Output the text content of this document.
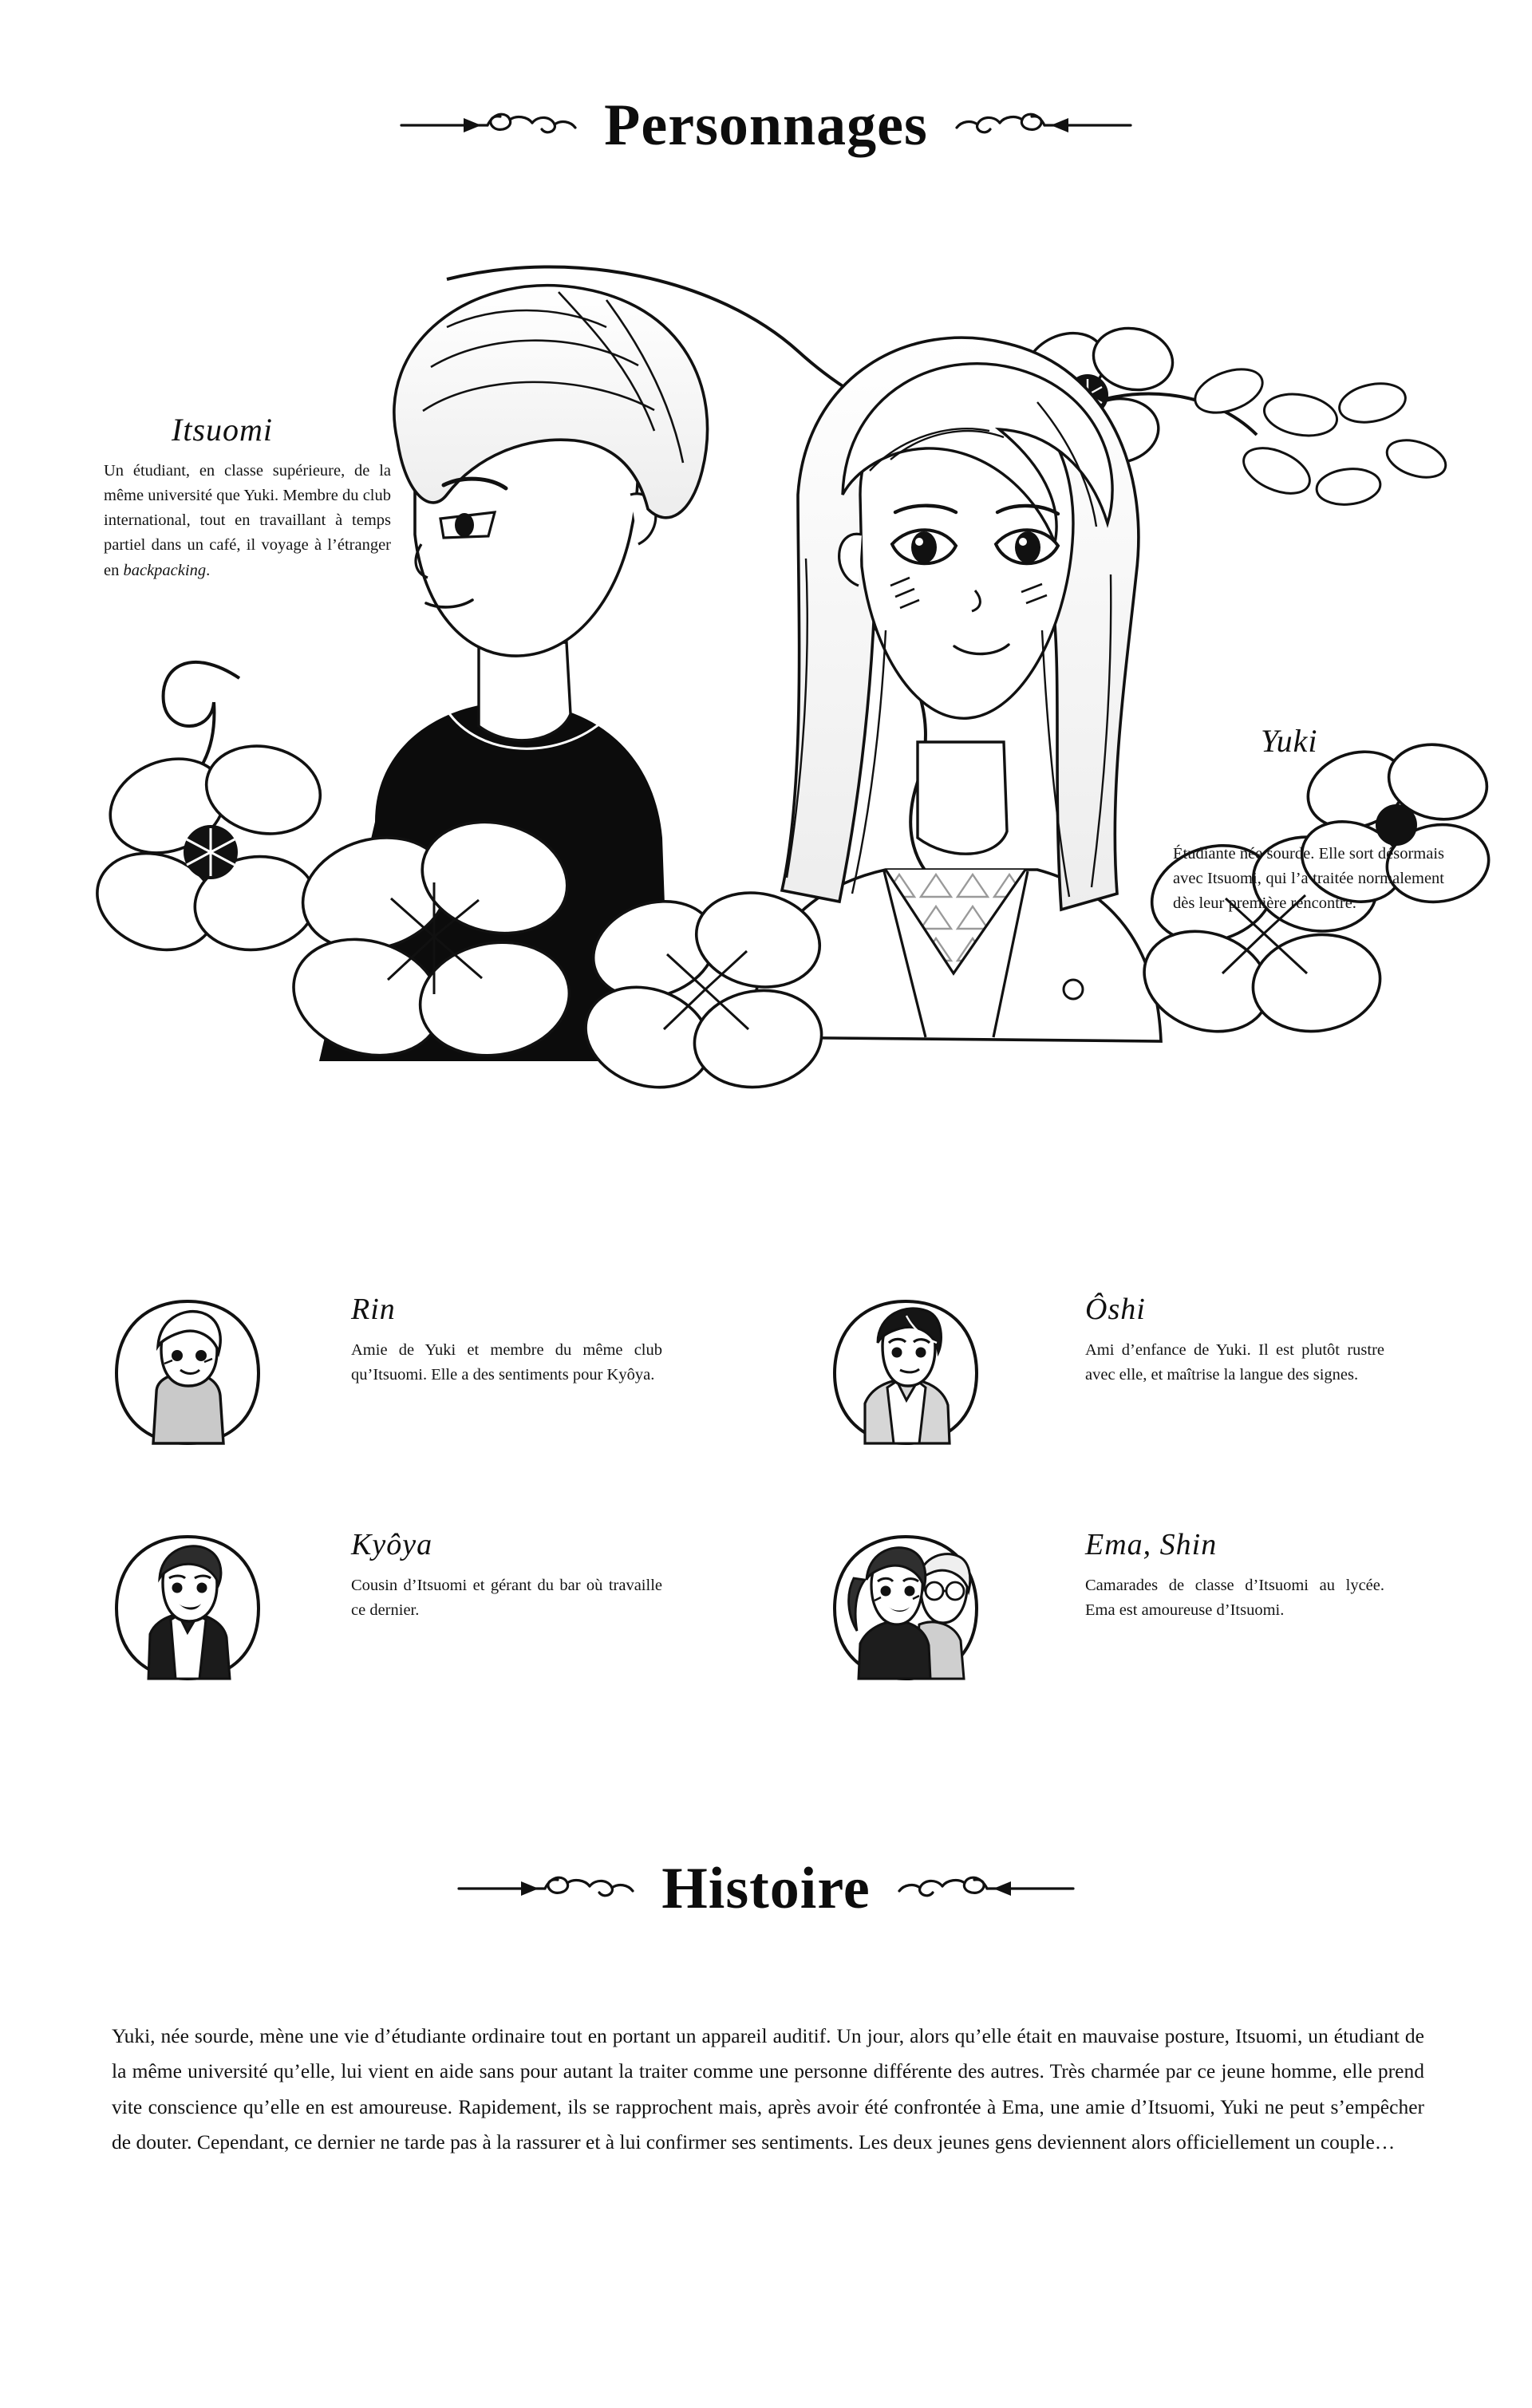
Personnages
Itsuomi
Un étudiant, en classe supérieure, de la même université que Yuki. Membre du club international, tout en travaillant à temps partiel dans un café, il voyage à l’étranger en backpacking.
Yuki
Étudiante née sourde. Elle sort désormais avec Itsuomi, qui l’a traitée normalement dès leur première rencontre.
Rin
Amie de Yuki et membre du même club qu’Itsuomi. Elle a des sentiments pour Kyôya.
Kyôya
Cousin d’Itsuomi et gérant du bar où travaille ce dernier.
Ôshi
Ami d’enfance de Yuki. Il est plutôt rustre avec elle, et maîtrise la langue des signes.
Ema, Shin
Camarades de classe d’Itsuomi au lycée. Ema est amoureuse d’Itsuomi.
Histoire
Yuki, née sourde, mène une vie d’étudiante ordinaire tout en portant un appareil auditif. Un jour, alors qu’elle était en mauvaise posture, Itsuomi, un étudiant de la même université qu’elle, lui vient en aide sans pour autant la traiter comme une personne différente des autres. Très charmée par ce jeune homme, elle prend vite conscience qu’elle en est amoureuse. Rapidement, ils se rapprochent mais, après avoir été confrontée à Ema, une amie d’Itsuomi, Yuki ne peut s’empêcher de douter. Cependant, ce dernier ne tarde pas à la rassurer et à lui confirmer ses sentiments. Les deux jeunes gens deviennent alors officiellement un couple…
